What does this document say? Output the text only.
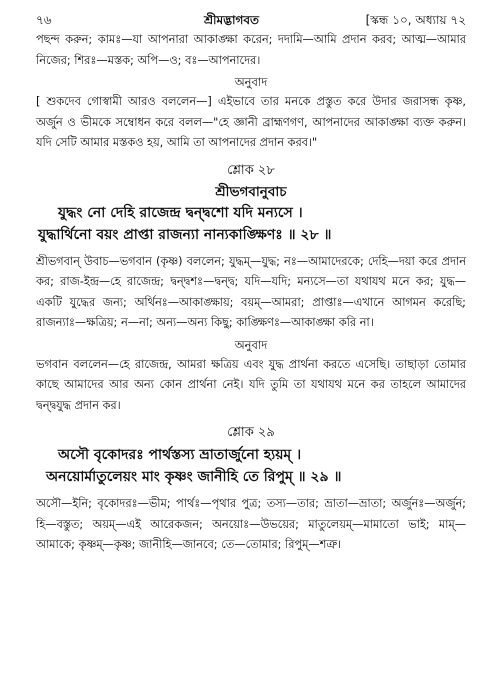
৭৬	শ্রীমদ্ভাগবত	[স্কন্ধ ১০, অধ্যায় ৭২

পছন্দ করুন; কামঃ—যা আপনারা আকাঙ্ক্ষা করেন; দদামি—আমি প্রদান করব; আত্ম—আমার নিজের; শিরঃ—মস্তক; অপি—ও; বঃ—আপনাদের।

অনুবাদ

[ শুকদেব গোস্বামী আরও বললেন—] এইভাবে তার মনকে প্রস্তুত করে উদার জরাসন্ধ কৃষ্ণ, অর্জুন ও ভীমকে সম্বোধন করে বলল—"হে জ্ঞানী ব্রাহ্মণগণ, আপনাদের আকাঙ্ক্ষা ব্যক্ত করুন। যদি সেটি আমার মস্তকও হয়, আমি তা আপনাদের প্রদান করব।"

শ্লোক ২৮
শ্রীভগবানুবাচ

যুদ্ধং নো দেহি রাজেন্দ্র দ্বন্দ্বশো যদি মন্যসে ।

যুদ্ধার্থিনো বয়ং প্রাপ্তা রাজন্যা নান্যকাঙ্ক্ষিণঃ ॥ ২৮ ॥

শ্রীভগবান্ উবাচ—ভগবান (কৃষ্ণ) বললেন; যুদ্ধম্—যুদ্ধ; নঃ—আমাদেরকে; দেহি—দয়া করে প্রদান কর; রাজ-ইন্দ্র—হে রাজেন্দ্র; দ্বন্দ্বশঃ—দ্বন্দ্ব; যদি—যদি; মন্যসে—তা যথাযথ মনে কর; যুদ্ধ—একটি যুদ্ধের জন্য; অর্থিনঃ—আকাঙ্ক্ষায়; বয়ম্—আমরা; প্রাপ্তাঃ—এখানে আগমন করেছি; রাজন্যাঃ—ক্ষত্রিয়; ন—না; অন্য—অন্য কিছু; কাঙ্ক্ষিণঃ—আকাঙ্ক্ষা করি না।

অনুবাদ

ভগবান বললেন—হে রাজেন্দ্র, আমরা ক্ষত্রিয় এবং যুদ্ধ প্রার্থনা করতে এসেছি। তাছাড়া তোমার কাছে আমাদের আর অন্য কোন প্রার্থনা নেই। যদি তুমি তা যথাযথ মনে কর তাহলে আমাদের দ্বন্দ্বযুদ্ধ প্রদান কর।

শ্লোক ২৯

অসৌ বৃকোদরঃ পার্থস্তস্য ভ্রাতার্জুনো হ্যয়ম্ ।

অনয়োর্মাতুলেয়ং মাং কৃষ্ণং জানীহি তে রিপুম্ ॥ ২৯ ॥

অসৌ—ইনি; বৃকোদরঃ—ভীম; পার্থঃ—পৃথার পুত্র; তস্য—তার; ভ্রাতা—ভ্রাতা; অর্জুনঃ—অর্জুন; হি—বস্তুত; অয়ম্—এই আরেকজন; অনয়োঃ—উভয়ের; মাতুলেয়ম্—মামাতো ভাই; মাম্—আমাকে; কৃষ্ণম্—কৃষ্ণ; জানীহি—জানবে; তে—তোমার; রিপুম্—শত্রু।
